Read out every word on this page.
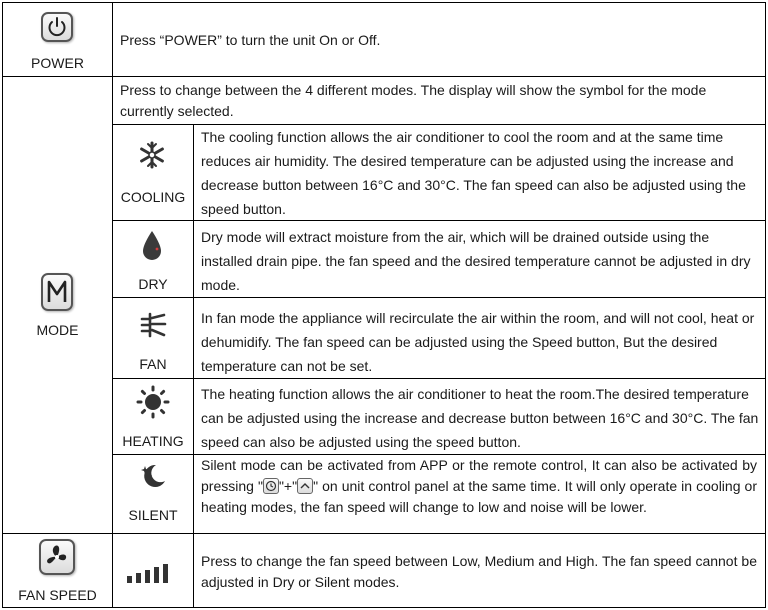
POWER
Press “POWER” to turn the unit On or Off.
MODE
Press to change between the 4 different modes. The display will show the symbol for the mode currently selected.
COOLING
The cooling function allows the air conditioner to cool the room and at the same time reduces air humidity. The desired temperature can be adjusted using the increase and decrease button between 16°C and 30°C. The fan speed can also be adjusted using the speed button.
DRY
Dry mode will extract moisture from the air, which will be drained outside using the installed drain pipe. the fan speed and the desired temperature cannot be adjusted in dry mode.
FAN
In fan mode the appliance will recirculate the air within the room, and will not cool, heat or dehumidify. The fan speed can be adjusted using the Speed button, But the desired temperature can not be set.
HEATING
The heating function allows the air conditioner to heat the room.The desired temperature can be adjusted using the increase and decrease button between 16°C and 30°C. The fan speed can also be adjusted using the speed button.
SILENT
Silent mode can be activated from APP or the remote control, It can also be activated by pressing " "+" " on unit control panel at the same time. It will only operate in cooling or heating modes, the fan speed will change to low and noise will be lower.
FAN SPEED
Press to change the fan speed between Low, Medium and High. The fan speed cannot be adjusted in Dry or Silent modes.
